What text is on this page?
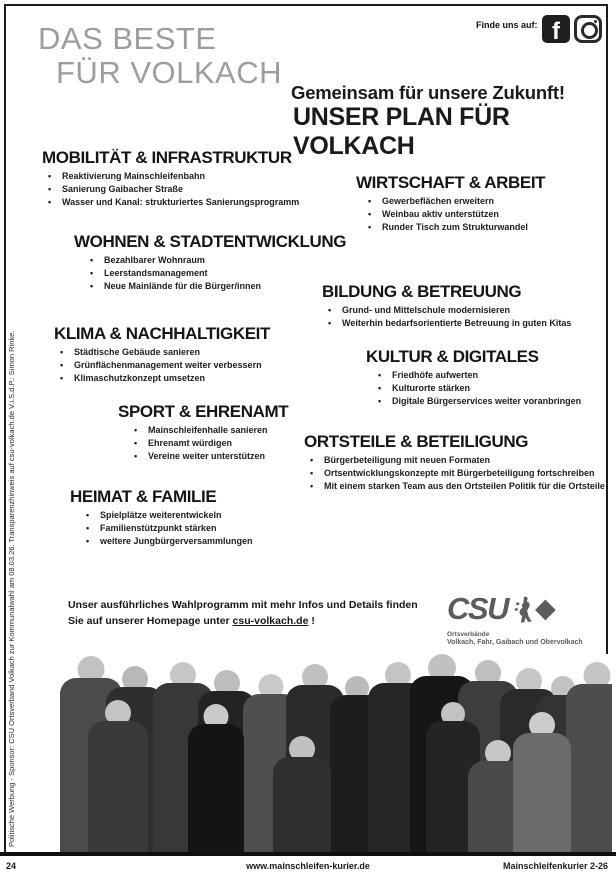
DAS BESTE
FÜR VOLKACH
Finde uns auf: f
Gemeinsam für unsere Zukunft!
UNSER PLAN FÜR VOLKACH
MOBILITÄT & INFRASTRUKTUR
• Reaktivierung Mainschleifenbahn
• Sanierung Gaibacher Straße
• Wasser und Kanal: strukturiertes Sanierungsprogramm
WOHNEN & STADTENTWICKLUNG
• Bezahlbarer Wohnraum
• Leerstandsmanagement
• Neue Mainlände für die Bürger/innen
KLIMA & NACHHALTIGKEIT
• Städtische Gebäude sanieren
• Grünflächenmanagement weiter verbessern
• Klimaschutzkonzept umsetzen
SPORT & EHRENAMT
• Mainschleifenhalle sanieren
• Ehrenamt würdigen
• Vereine weiter unterstützen
HEIMAT & FAMILIE
• Spielplätze weiterentwickeln
• Familienstützpunkt stärken
• weitere Jungbürgerversammlungen
WIRTSCHAFT & ARBEIT
• Gewerbeflächen erweitern
• Weinbau aktiv unterstützen
• Runder Tisch zum Strukturwandel
BILDUNG & BETREUUNG
• Grund- und Mittelschule modernisieren
• Weiterhin bedarfsorientierte Betreuung in guten Kitas
KULTUR & DIGITALES
• Friedhöfe aufwerten
• Kulturorte stärken
• Digitale Bürgerservices weiter voranbringen
ORTSTEILE & BETEILIGUNG
• Bürgerbeteiligung mit neuen Formaten
• Ortsentwicklungskonzepte mit Bürgerbeteiligung fortschreiben
• Mit einem starken Team aus den Ortsteilen Politik für die Ortsteile
Unser ausführliches Wahlprogramm mit mehr Infos und Details finden
Sie auf unserer Homepage unter csu-volkach.de !	CSU ◆
Ortsverbände
Volkach, Fahr, Gaibach und Obervolkach
Politische Werbung - Sponsor: CSU Ortsverband Volkach zur Kommunalwahl am 08.03.26. Transparenzhinweis auf csu-volkach.de V.i.S.d.P.: Simon Rinke.
24	www.mainschleifen-kurier.de	Mainschleifenkurier 2-26
